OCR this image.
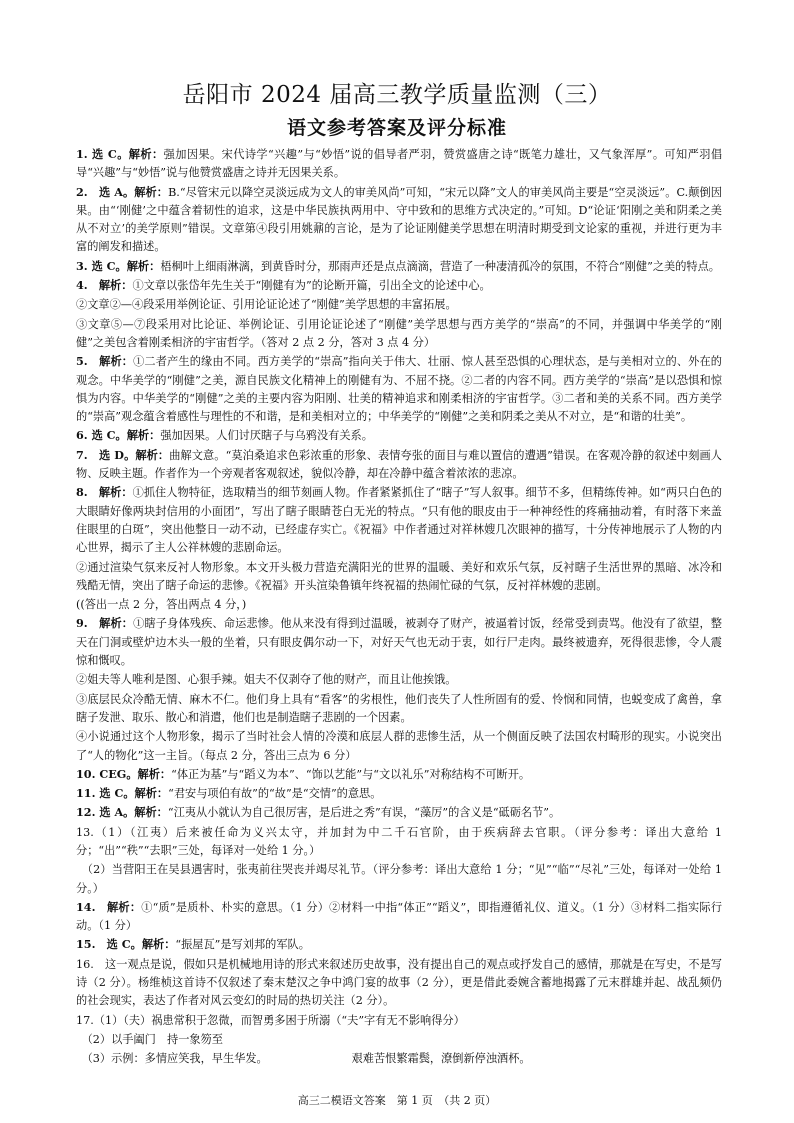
岳阳市 2024 届高三教学质量监测（三）
语文参考答案及评分标准

1. 选 C。解析：强加因果。宋代诗学“兴趣”与“妙悟”说的倡导者严羽，赞赏盛唐之诗“既笔力雄壮，又气象浑厚”。可知严羽倡导“兴趣”与“妙悟”说与他赞赏盛唐之诗并无因果关系。

2.　选 A。解析：B.“尽管宋元以降空灵淡远成为文人的审美风尚”可知，“宋元以降”文人的审美风尚主要是“空灵淡远”。C.颠倒因果。由“‘刚健’之中蕴含着韧性的追求，这是中华民族执两用中、守中致和的思维方式决定的。”可知。D“论证‘阳刚之美和阴柔之美从不对立’的美学原则”错误。文章第④段引用姚鼐的言论，是为了论证刚健美学思想在明清时期受到文论家的重视，并进行更为丰富的阐发和描述。

3. 选 C。解析：梧桐叶上细雨淋漓，到黄昏时分，那雨声还是点点滴滴，营造了一种凄清孤冷的氛围，不符合“刚健”之美的特点。

4.　解析：①文章以张岱年先生关于“刚健有为”的论断开篇，引出全文的论述中心。

②文章②—④段采用举例论证、引用论证论述了“刚健”美学思想的丰富拓展。

③文章⑤—⑦段采用对比论证、举例论证、引用论证论述了“刚健”美学思想与西方美学的“崇高”的不同，并强调中华美学的“刚健”之美包含着刚柔相济的宇宙哲学。（答对 2 点 2 分，答对 3 点 4 分）

5.　解析：①二者产生的缘由不同。西方美学的“崇高”指向关于伟大、壮丽、惊人甚至恐惧的心理状态，是与美相对立的、外在的观念。中华美学的“刚健”之美，源自民族文化精神上的刚健有为、不屈不挠。②二者的内容不同。西方美学的“崇高”是以恐惧和惊惧为内容。中华美学的“刚健”之美的主要内容为阳刚、壮美的精神追求和刚柔相济的宇宙哲学。③二者和美的关系不同。西方美学的“崇高”观念蕴含着感性与理性的不和谐，是和美相对立的；中华美学的“刚健”之美和阴柔之美从不对立，是“和谐的壮美”。

6. 选 C。解析：强加因果。人们讨厌瞎子与乌鸦没有关系。

7.　选 D。解析：曲解文意。“莫泊桑追求色彩浓重的形象、表情夸张的面目与难以置信的遭遇”错误。在客观冷静的叙述中刻画人物、反映主题。作者作为一个旁观者客观叙述，貌似冷静，却在冷静中蕴含着浓浓的悲凉。

8.　解析：①抓住人物特征，选取精当的细节刻画人物。作者紧紧抓住了“瞎子”写人叙事。细节不多，但精练传神。如“两只白色的大眼睛好像两块封信用的小面团”，写出了瞎子眼睛苍白无光的特点。“只有他的眼皮由于一种神经性的疼痛抽动着，有时落下来盖住眼里的白斑”，突出他整日一动不动，已经虚存实亡。《祝福》中作者通过对祥林嫂几次眼神的描写，十分传神地展示了人物的内心世界，揭示了主人公祥林嫂的悲剧命运。

②通过渲染气氛来反衬人物形象。本文开头极力营造充满阳光的世界的温暖、美好和欢乐气氛，反衬瞎子生活世界的黑暗、冰冷和残酷无情，突出了瞎子命运的悲惨。《祝福》开头渲染鲁镇年终祝福的热闹忙碌的气氛，反衬祥林嫂的悲剧。

((答出一点 2 分，答出两点 4 分，)

9.　解析：①瞎子身体残疾、命运悲惨。他从来没有得到过温暖，被剥夺了财产，被逼着讨饭，经常受到责骂。他没有了欲望，整天在门洞或壁炉边木头一般的坐着，只有眼皮偶尔动一下，对好天气也无动于衷，如行尸走肉。最终被遗弃，死得很悲惨，令人震惊和慨叹。

②姐夫等人唯利是图、心狠手辣。姐夫不仅剥夺了他的财产，而且让他挨饿。

③底层民众冷酷无情、麻木不仁。他们身上具有“看客”的劣根性，他们丧失了人性所固有的爱、怜悯和同情，也蜕变成了禽兽，拿瞎子发泄、取乐、散心和消遣，他们也是制造瞎子悲剧的一个因素。

④小说通过这个人物形象，揭示了当时社会人情的冷漠和底层人群的悲惨生活，从一个侧面反映了法国农村畸形的现实。小说突出了“人的物化”这一主旨。（每点 2 分，答出三点为 6 分）

10. CEG。解析：“体正为基”与“蹈义为本”、“饰以艺能”与“文以礼乐”对称结构不可断开。

11. 选 C。解析：“君安与项伯有故”的“故”是“交情”的意思。

12. 选 A。解析：“江夷从小就认为自己很厉害，是后进之秀”有误，“藻厉”的含义是“砥砺名节”。

13.（1）（江夷）后来被任命为义兴太守，并加封为中二千石官阶，由于疾病辞去官职。（评分参考：译出大意给 1 分；“出”“秩”“去职”三处，每译对一处给 1 分。）

　（2）当营阳王在吴县遇害时，张夷前往哭丧并竭尽礼节。（评分参考：译出大意给 1 分；“见”“临”“尽礼”三处，每译对一处给 1 分。）

14.　解析：①“质”是质朴、朴实的意思。（1 分）②材料一中指“体正”“蹈义”，即指遵循礼仪、道义。（1 分）③材料二指实际行动。（1 分）

15.　选 C。解析：“振屋瓦”是写刘邦的军队。

16.　这一观点是说，假如只是机械地用诗的形式来叙述历史故事，没有提出自己的观点或抒发自己的感情，那就是在写史，不是写诗（2 分）。杨维桢这首诗不仅叙述了秦末楚汉之争中鸿门宴的故事（2 分），更是借此委婉含蓄地揭露了元末群雄并起、战乱频仍的社会现实，表达了作者对风云变幻的时局的热切关注（2 分）。

17.（1）（夫）祸患常积于忽微，而智勇多困于所溺（“夫”字有无不影响得分）

　（2）以手阖门　持一象笏至

　（3）示例：多情应笑我，早生华发。　　　　　　　　艰难苦恨繁霜鬓，潦倒新停浊酒杯。

高三二模语文答案　第 1 页　（共 2 页）
